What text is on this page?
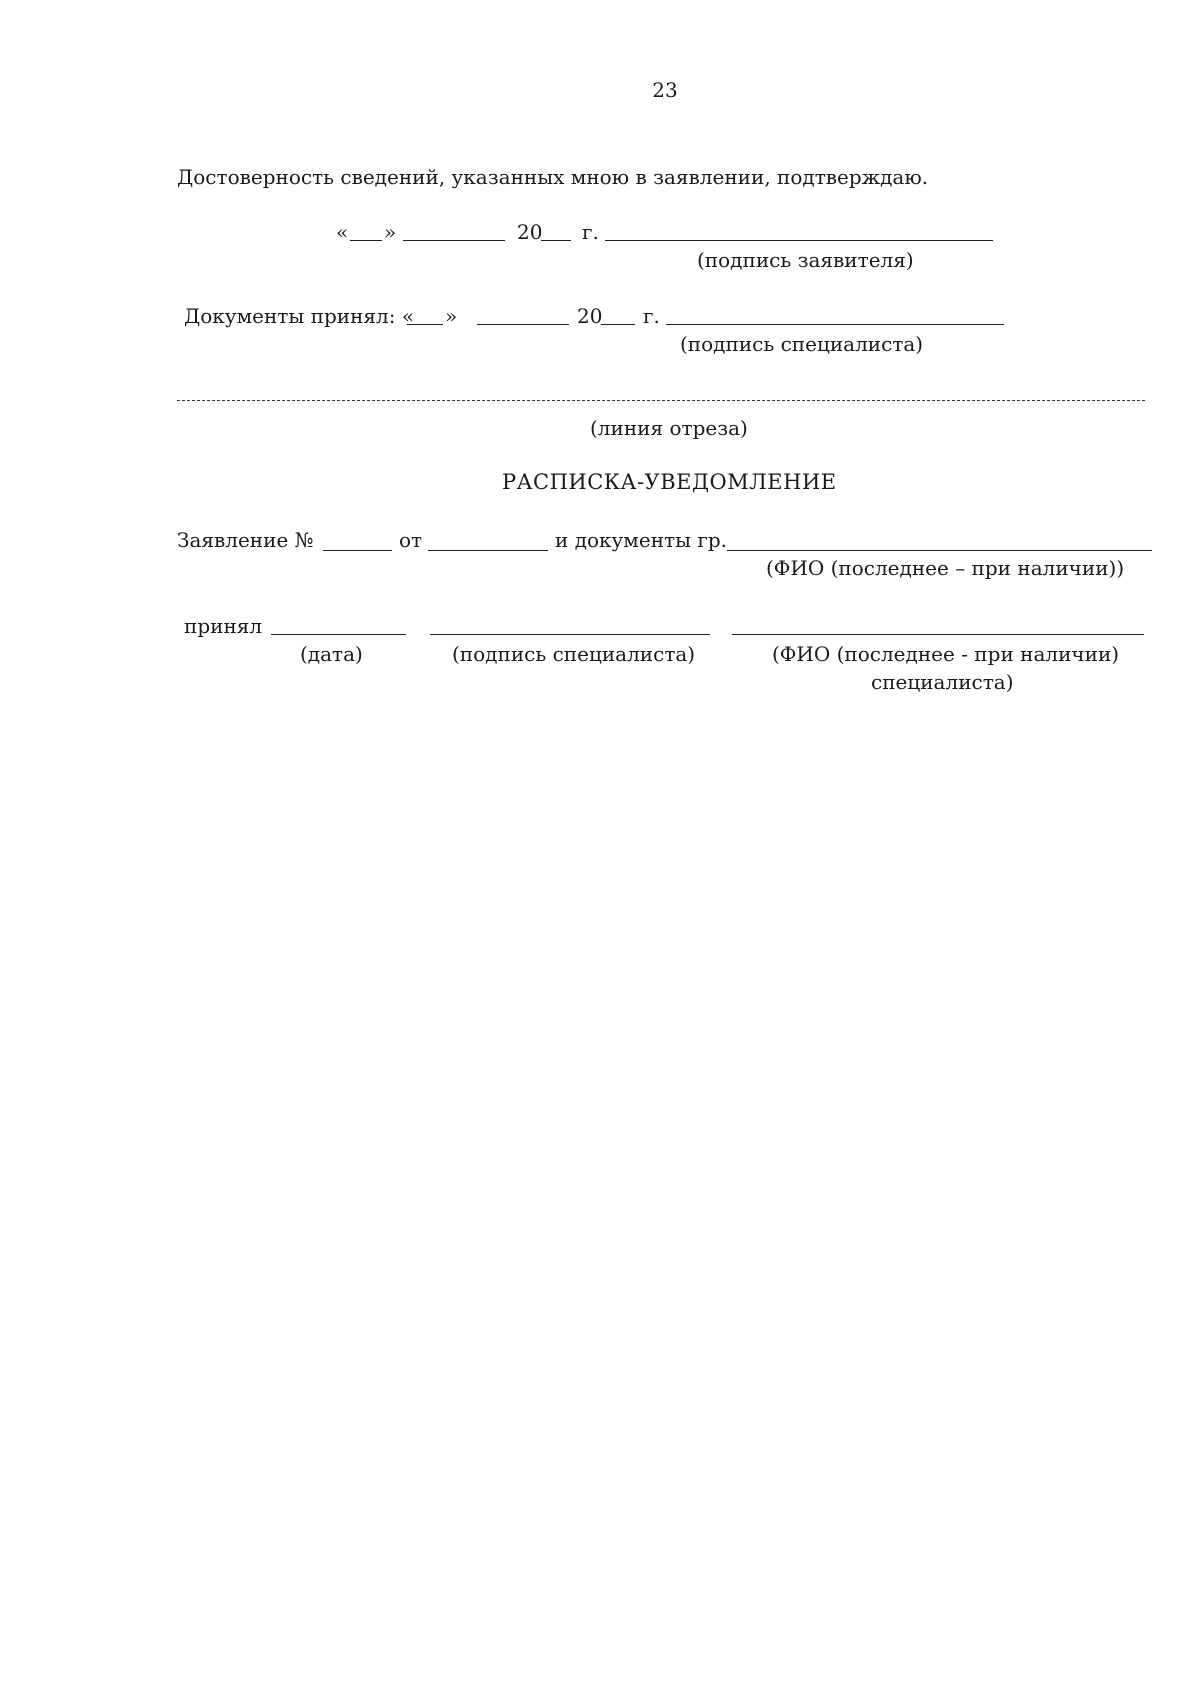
23
Достоверность сведений, указанных мною в заявлении, подтверждаю.
« »	20 г.
(подпись заявителя)
Документы принял: « »	20 г.
(подпись специалиста)
(линия отреза)
РАСПИСКА-УВЕДОМЛЕНИЕ
Заявление №	от	и документы гр.
(ФИО (последнее – при наличии))
принял
(дата)	(подпись специалиста)	(ФИО (последнее - при наличии)
специалиста)
